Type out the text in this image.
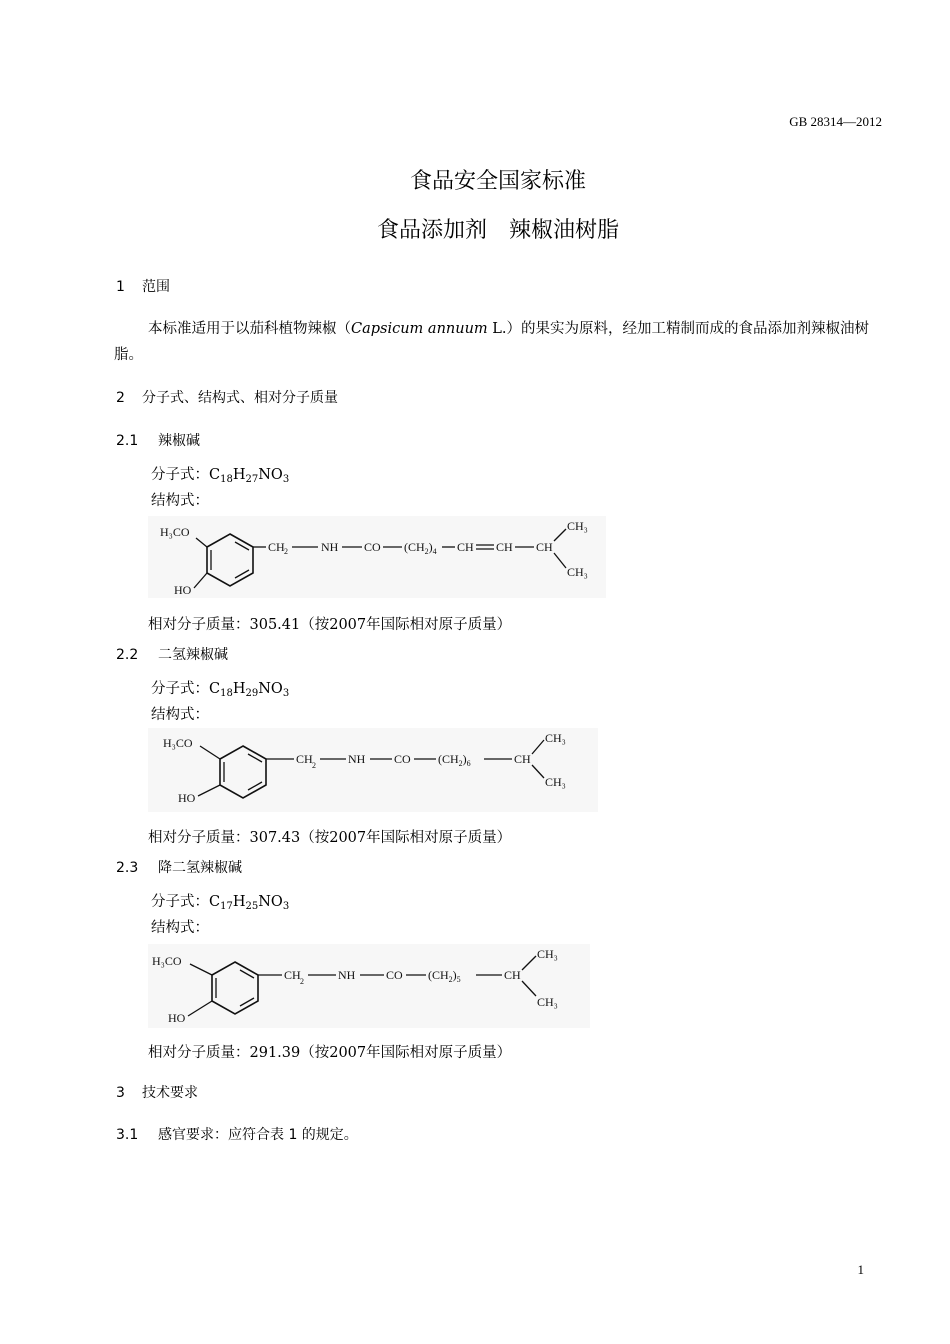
GB 28314—2012
食品安全国家标准
食品添加剂　辣椒油树脂
1 范围
本标准适用于以茄科植物辣椒（Capsicum annuum L.）的果实为原料，经加工精制而成的食品添加剂辣椒油树脂。
2 分子式、结构式、相对分子质量
2.1 辣椒碱
分子式：$C_{18}H_{27}NO_3$
结构式：
H₃CO
HO
CH 2	NH CO $(CH_2)_4$ CH CH CH
CH₃
CH₃
相对分子质量：305.41（按2007年国际相对原子质量）
2.2 二氢辣椒碱
分子式：$C_{18}H_{29}NO_3$
结构式：
H₃CO
HO
CH 2	NH CO $(CH_2)_6$	CH
CH₃
CH₃
相对分子质量：307.43（按2007年国际相对原子质量）
2.3 降二氢辣椒碱
分子式：$C_{17}H_{25}NO_3$
结构式：
H₃CO
HO
CH 2	NH	CO $(CH_2)_5$	CH
CH₃
CH₃
相对分子质量：291.39（按2007年国际相对原子质量）
3 技术要求
3.1 感官要求：应符合表 1 的规定。
1
